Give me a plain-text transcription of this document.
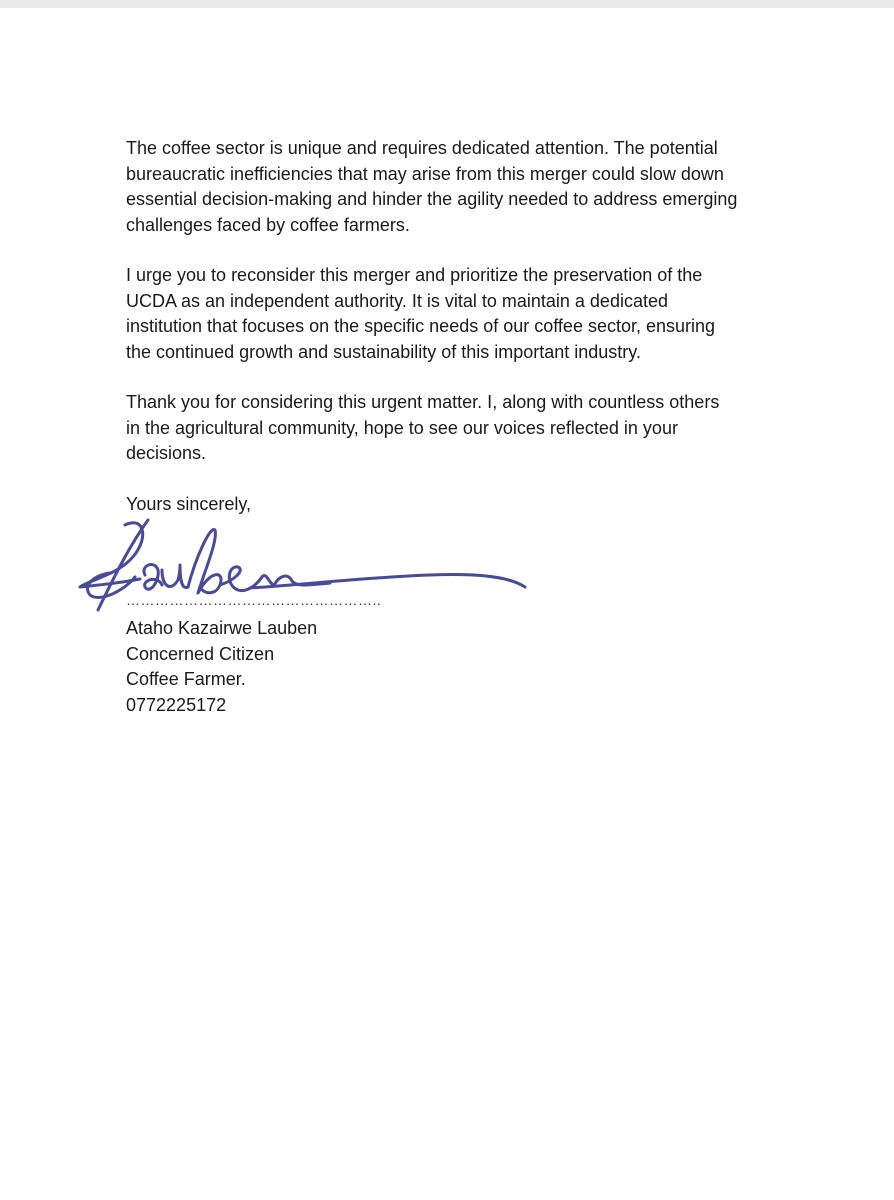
The coffee sector is unique and requires dedicated attention. The potential
bureaucratic inefficiencies that may arise from this merger could slow down
essential decision-making and hinder the agility needed to address emerging
challenges faced by coffee farmers.

I urge you to reconsider this merger and prioritize the preservation of the
UCDA as an independent authority. It is vital to maintain a dedicated
institution that focuses on the specific needs of our coffee sector, ensuring
the continued growth and sustainability of this important industry.

Thank you for considering this urgent matter. I, along with countless others
in the agricultural community, hope to see our voices reflected in your
decisions.

Yours sincerely,

……………………………………………..
Ataho Kazairwe Lauben
Concerned Citizen
Coffee Farmer.
0772225172
